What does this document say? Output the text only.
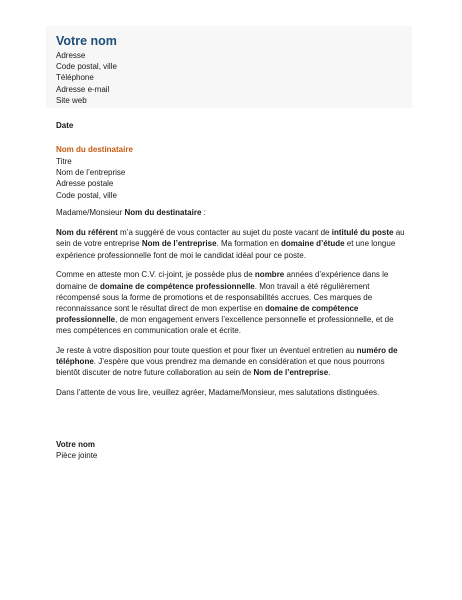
Votre nom
Adresse
Code postal, ville
Téléphone
Adresse e-mail
Site web
Date
Nom du destinataire
Titre
Nom de l’entreprise
Adresse postale
Code postal, ville

Madame/Monsieur Nom du destinataire :

Nom du référent m’a suggéré de vous contacter au sujet du poste vacant de intitulé du poste au sein de votre entreprise Nom de l’entreprise. Ma formation en domaine d’étude et une longue expérience professionnelle font de moi le candidat idéal pour ce poste.

Comme en atteste mon C.V. ci-joint, je possède plus de nombre années d’expérience dans le domaine de domaine de compétence professionnelle. Mon travail a été régulièrement récompensé sous la forme de promotions et de responsabilités accrues. Ces marques de reconnaissance sont le résultat direct de mon expertise en domaine de compétence professionnelle, de mon engagement envers l’excellence personnelle et professionnelle, et de mes compétences en communication orale et écrite.

Je reste à votre disposition pour toute question et pour fixer un éventuel entretien au numéro de téléphone. J’espère que vous prendrez ma demande en considération et que nous pourrons bientôt discuter de notre future collaboration au sein de Nom de l’entreprise.

Dans l’attente de vous lire, veuillez agréer, Madame/Monsieur, mes salutations distinguées.

Votre nom
Pièce jointe
